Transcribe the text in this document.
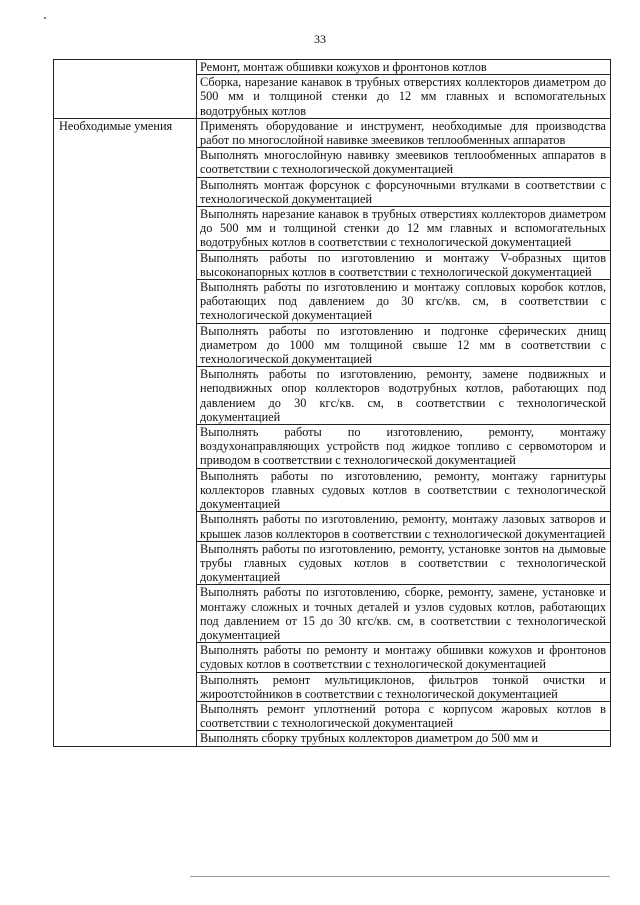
33
	Ремонт, монтаж обшивки кожухов и фронтонов котлов
	Сборка, нарезание канавок в трубных отверстиях коллекторов диаметром до 500 мм и толщиной стенки до 12 мм главных и вспомогательных водотрубных котлов
Необходимые умения	Применять оборудование и инструмент, необходимые для производства работ по многослойной навивке змеевиков теплообменных аппаратов
	Выполнять многослойную навивку змеевиков теплообменных аппаратов в соответствии с технологической документацией
	Выполнять монтаж форсунок с форсуночными втулками в соответствии с технологической документацией
	Выполнять нарезание канавок в трубных отверстиях коллекторов диаметром до 500 мм и толщиной стенки до 12 мм главных и вспомогательных водотрубных котлов в соответствии с технологической документацией
	Выполнять работы по изготовлению и монтажу V-образных щитов высоконапорных котлов в соответствии с технологической документацией
	Выполнять работы по изготовлению и монтажу сопловых коробок котлов, работающих под давлением до 30 кгс/кв. см, в соответствии с технологической документацией
	Выполнять работы по изготовлению и подгонке сферических днищ диаметром до 1000 мм толщиной свыше 12 мм в соответствии с технологической документацией
	Выполнять работы по изготовлению, ремонту, замене подвижных и неподвижных опор коллекторов водотрубных котлов, работающих под давлением до 30 кгс/кв. см, в соответствии с технологической документацией
	Выполнять работы по изготовлению, ремонту, монтажу воздухонаправляющих устройств под жидкое топливо с сервомотором и приводом в соответствии с технологической документацией
	Выполнять работы по изготовлению, ремонту, монтажу гарнитуры коллекторов главных судовых котлов в соответствии с технологической документацией
	Выполнять работы по изготовлению, ремонту, монтажу лазовых затворов и крышек лазов коллекторов в соответствии с технологической документацией
	Выполнять работы по изготовлению, ремонту, установке зонтов на дымовые трубы главных судовых котлов в соответствии с технологической документацией
	Выполнять работы по изготовлению, сборке, ремонту, замене, установке и монтажу сложных и точных деталей и узлов судовых котлов, работающих под давлением от 15 до 30 кгс/кв. см, в соответствии с технологической документацией
	Выполнять работы по ремонту и монтажу обшивки кожухов и фронтонов судовых котлов в соответствии с технологической документацией
	Выполнять ремонт мультициклонов, фильтров тонкой очистки и жироотстойников в соответствии с технологической документацией
	Выполнять ремонт уплотнений ротора с корпусом жаровых котлов в соответствии с технологической документацией
	Выполнять сборку трубных коллекторов диаметром до 500 мм и
